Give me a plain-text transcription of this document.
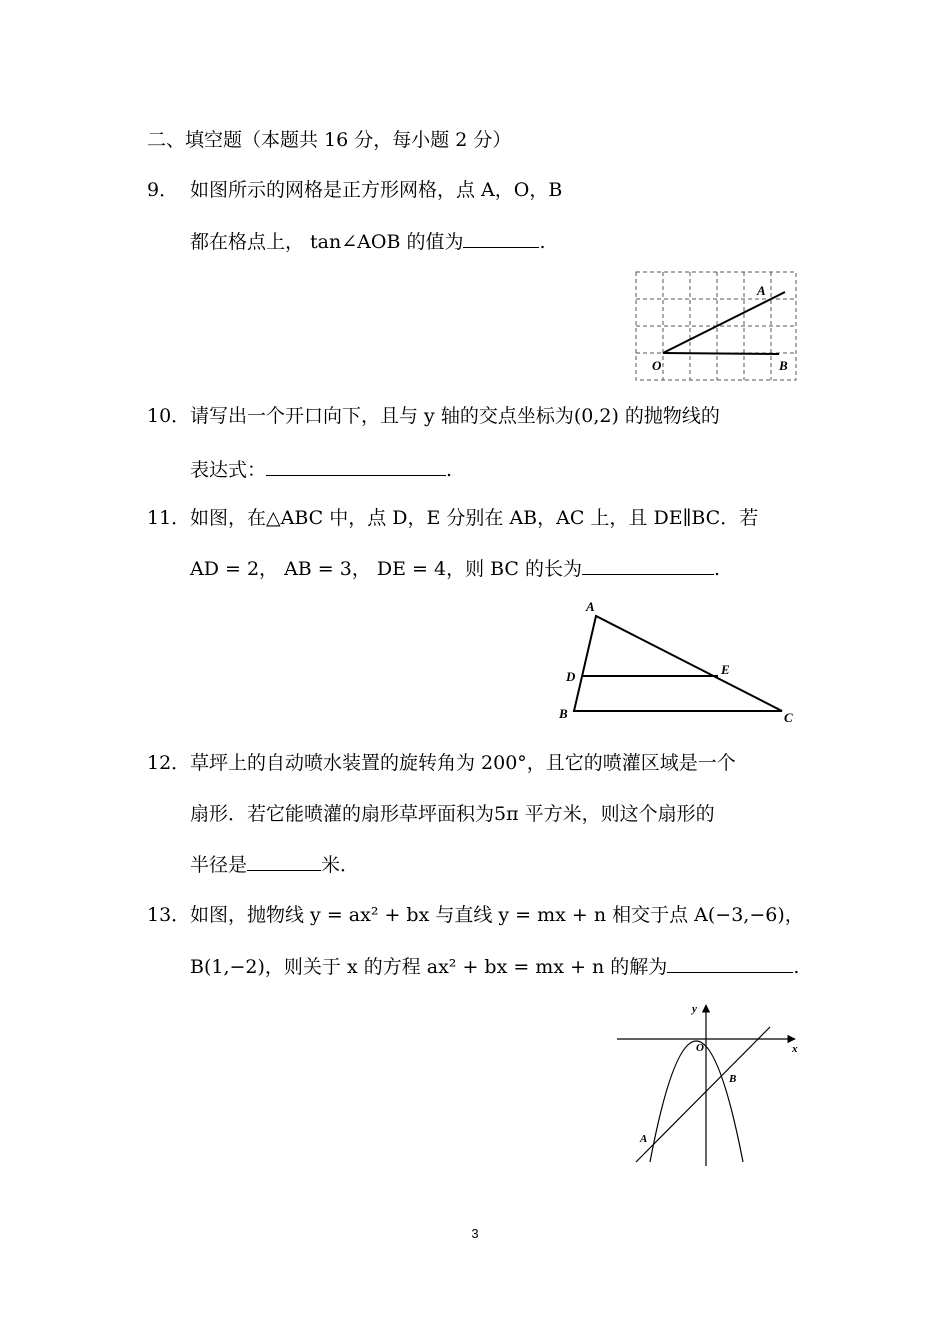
二、填空题（本题共 16 分，每小题 2 分）
9． 如图所示的网格是正方形网格，点 A，O，B
都在格点上， tan∠AOB 的值为	.
A
O	B
10． 请写出一个开口向下，且与 y 轴的交点坐标为(0,2) 的抛物线的
表达式：	.
11． 如图，在△ABC 中，点 D，E 分别在 AB，AC 上，且 DE∥BC．若
AD = 2， AB = 3， DE = 4，则 BC 的长为	.
A
D	E
B	C
12． 草坪上的自动喷水装置的旋转角为 200°，且它的喷灌区域是一个
扇形．若它能喷灌的扇形草坪面积为5π 平方米，则这个扇形的
半径是	米．
13． 如图，抛物线 y = ax² + bx 与直线 y = mx + n 相交于点 A(−3,−6)，
B(1,−2)，则关于 x 的方程 ax² + bx = mx + n 的解为	.
x
y
O
A
B
3
